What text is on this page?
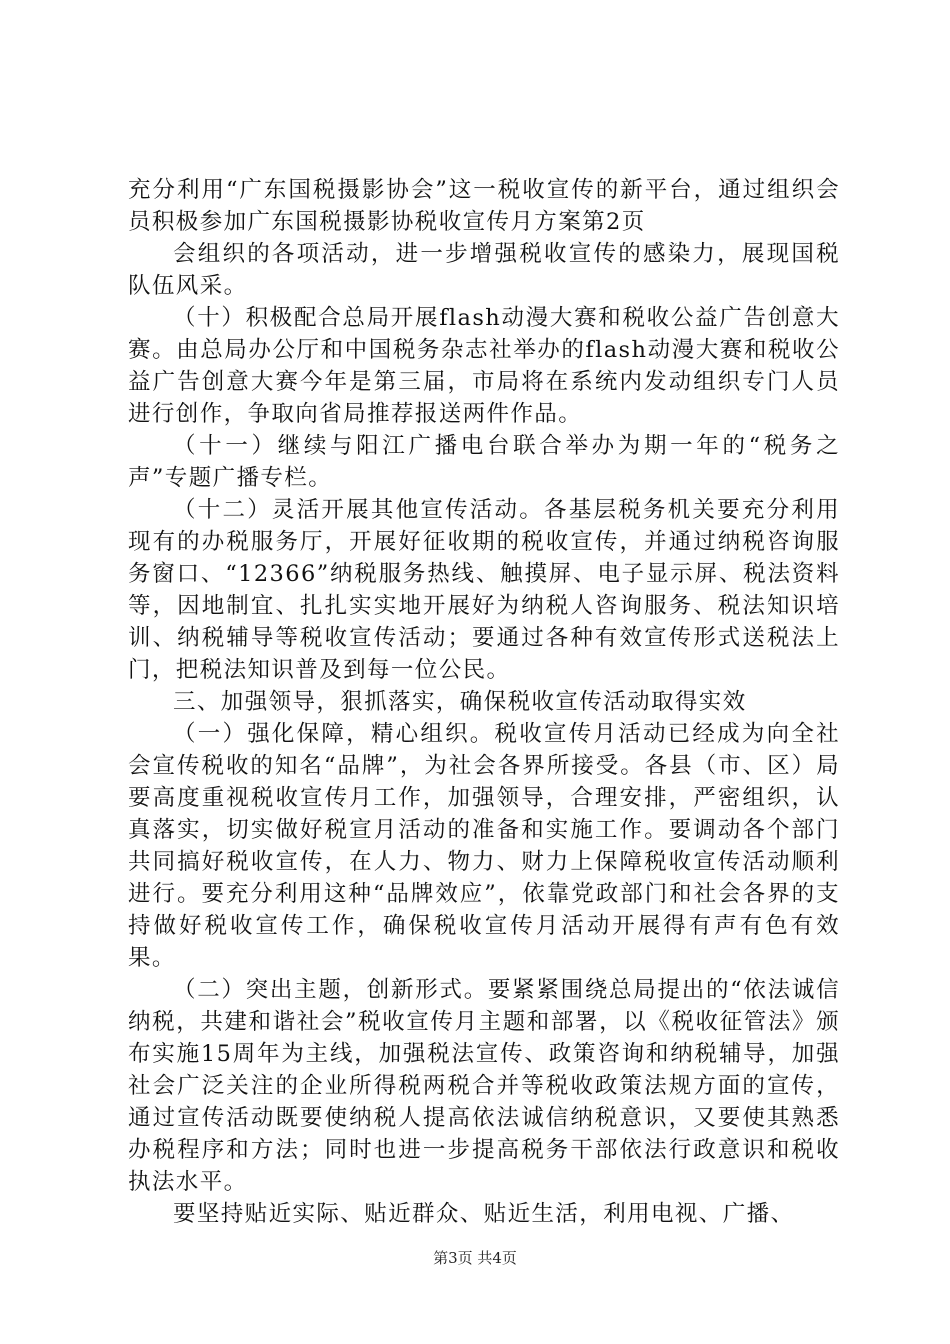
充分利用“广东国税摄影协会”这一税收宣传的新平台，通过组织会员积极参加广东国税摄影协税收宣传月方案第2页

会组织的各项活动，进一步增强税收宣传的感染力，展现国税队伍风采。

（十）积极配合总局开展flash动漫大赛和税收公益广告创意大赛。由总局办公厅和中国税务杂志社举办的flash动漫大赛和税收公益广告创意大赛今年是第三届，市局将在系统内发动组织专门人员进行创作，争取向省局推荐报送两件作品。

（十一）继续与阳江广播电台联合举办为期一年的“税务之声”专题广播专栏。

（十二）灵活开展其他宣传活动。各基层税务机关要充分利用现有的办税服务厅，开展好征收期的税收宣传，并通过纳税咨询服务窗口、“12366”纳税服务热线、触摸屏、电子显示屏、税法资料等，因地制宜、扎扎实实地开展好为纳税人咨询服务、税法知识培训、纳税辅导等税收宣传活动；要通过各种有效宣传形式送税法上门，把税法知识普及到每一位公民。

三、加强领导，狠抓落实，确保税收宣传活动取得实效

（一）强化保障，精心组织。税收宣传月活动已经成为向全社会宣传税收的知名“品牌”，为社会各界所接受。各县（市、区）局要高度重视税收宣传月工作，加强领导，合理安排，严密组织，认真落实，切实做好税宣月活动的准备和实施工作。要调动各个部门共同搞好税收宣传，在人力、物力、财力上保障税收宣传活动顺利进行。要充分利用这种“品牌效应”，依靠党政部门和社会各界的支持做好税收宣传工作，确保税收宣传月活动开展得有声有色有效果。

（二）突出主题，创新形式。要紧紧围绕总局提出的“依法诚信纳税，共建和谐社会”税收宣传月主题和部署，以《税收征管法》颁布实施15周年为主线，加强税法宣传、政策咨询和纳税辅导，加强社会广泛关注的企业所得税两税合并等税收政策法规方面的宣传，通过宣传活动既要使纳税人提高依法诚信纳税意识，又要使其熟悉办税程序和方法；同时也进一步提高税务干部依法行政意识和税收执法水平。

要坚持贴近实际、贴近群众、贴近生活，利用电视、广播、

第3页 共4页
